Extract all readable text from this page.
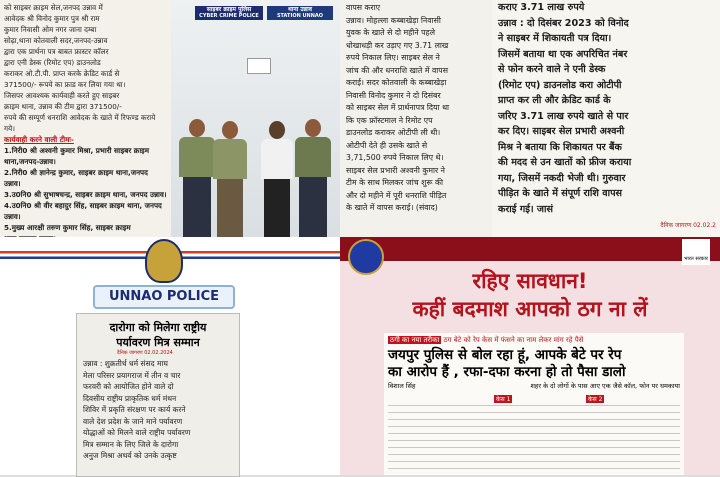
को साइबर क्राइम सेल,जनपद उन्नाव में
आवेदक श्री विनोद कुमार पुत्र श्री राम
कुमार निवासी ओम नगर जाना दम्बा
सोढ़ा,थाना कोतवाली सदर,जनपद-उन्नाव
द्वारा एक प्रार्थना पत्र बाबत फ्रास्टर कॉलर
द्वारा एनी डेस्क (रिमोट एप) डाउनलोड
कराकर ओ.टी.पी. प्राप्त करके क्रेडिट कार्ड से
371500/- रूपये का फ्राड कर लिया गया था।
जिसपर आवश्यक कार्यवाही करते हुए साइबर
क्राइम थाना, उन्नाव की टीम द्वारा 371500/-
रुपये की सम्पूर्ण धनराशि आवेदक के खाते में रिफण्ड कराये गये।
कार्यवाही करने वाली टीमः-
1.निरी0 श्री अश्वनी कुमार मिश्रा, प्रभारी साइबर क्राइम थाना,जनपद-उन्नाव।
2.निरी0 श्री ज्ञानेन्द्र कुमार, साइबर क्राइम थाना,जनपद उन्नाव।
3.उ0नि0 श्री सुभाषचन्द्र, साइबर क्राइम थाना, जनपद उन्नाव।
4.उ0नि0 श्री वीर बहादुर सिंह, साइबर क्राइम थाना, जनपद उन्नाव।
5.मुख्य आरक्षी तरुण कुमार सिंह, साइबर क्राइम
साइबर क्राइम पुलिस
CYBER CRIME POLICE
थाना उन्नाव
STATION UNNAO
वापस कराए
उन्नाव। मोहल्ला कब्बाखेड़ा निवासी
युवक के खाते से दो महीने पहले
धोखाधड़ी कर उड़ाए गए 3.71 लाख
रुपये निकाल लिए। साइबर सेल ने
जांच की और धनराशि खाते में वापस
कराई। सदर कोतवाली के कब्बाखेड़ा
निवासी विनोद कुमार ने दो दिसंबर
को साइबर सेल में प्रार्थनापत्र दिया था
कि एक फ्रॉस्टमाल ने रिमोट एप
डाउनलोड कराकर ओटीपी ली थी।
ओटीपी देते ही उसके खाते से
3,71,500 रुपये निकाल लिए थे।
साइबर सेल प्रभारी अश्वनी कुमार ने
टीम के साथ मिलकर जांच शुरू की
और दो महीने में पूरी धनराशि पीड़ित
के खाते में वापस कराई। (संवाद)
कराए 3.71 लाख रुपये
उन्नाव : दो दिसंबर 2023 को विनोद
ने साइबर में शिकायती पत्र दिया।
जिसमें बताया था एक अपरिचित नंबर
से फोन करने वाले ने एनी डेस्क
(रिमोट एप) डाउनलोड करा ओटीपी
प्राप्त कर ली और क्रेडिट कार्ड के
जरिए 3.71 लाख रुपये खाते से पार
कर दिए। साइबर सेल प्रभारी अश्वनी
मिश्र ने बताया कि शिकायत पर बैंक
की मदद से उन खातों को फ्रीज कराया
गया, जिसमें नकदी भेजी थी। गुरुवार
पीड़ित के खाते में संपूर्ण राशि वापस
कराई गई। जासं
दैनिक जागरण 02.02.2
UNNAO POLICE
दारोगा को मिलेगा राष्ट्रीय
पर्यावरण मित्र सम्मान
दैनिक जागरण 02.02.2024
उन्नाव : शुक्रतीर्थ धर्म संसद माघ
मेला परिसर प्रयागराज में तीन व चार
फरवरी को आयोजित होने वाले दो
दिवसीय राष्ट्रीय प्राकृतिक धर्म मंथन
शिविर में प्रकृति संरक्षण पर कार्य करने
वाले देश प्रदेश के जाने माने पर्यावरण
योद्धाओं को मिलने वाले राष्ट्रीय पर्यावरण
मित्र सम्मान के लिए जिले के दारोगा
अनुज मिश्रा अथर्व को उनके उत्कृष्ट
भारत सरकार
रहिए सावधान!
कहीं बदमाश आपको ठग ना लें
ठगी का नया तरीका ठग बेटे को रेप केस में फंसने का नाम लेकर मांग रहे पैसे
जयपुर पुलिस से बोल रहा हूं, आपके बेटे पर रेप
का आरोप हैं , रफा-दफा करना हो तो पैसा डालो
विशाल सिंह	शहर के दो लोगों के पास आए एक जैसे कॉल, फोन पर धमकाया
केस 1	केस 2
